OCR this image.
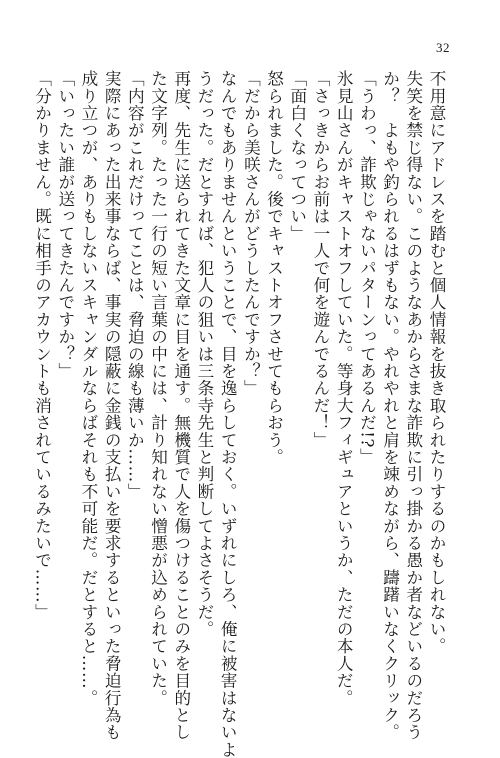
32
不用意にアドレスを踏むと個人情報を抜き取られたりするのかもしれない。
失笑を禁じ得ない。このようなあからさまな詐欺に引っ掛かる愚か者などいるのだろう
か？　よもや釣られるはずもない。やれやれと肩を竦めながら、躊躇いなくクリック。
「うわっ、詐欺じゃないパターンってあるんだ!?」
氷見山さんがキャストオフしていた。等身大フィギュアというか、ただの本人だ。
「さっきからお前は一人で何を遊んでるんだ！」
「面白くなってつい」
怒られました。後でキャストオフさせてもらおう。
「だから美咲さんがどうしたんですか？」
なんでもありませんということで、目を逸らしておく。いずれにしろ、俺に被害はないよ
うだった。だとすれば、犯人の狙いは三条寺先生と判断してよさそうだ。
再度、先生に送られてきた文章に目を通す。無機質で人を傷つけることのみを目的とし
た文字列。たった一行の短い言葉の中には、計り知れない憎悪が込められていた。
「内容がこれだけってことは、脅迫の線も薄いか……」
実際にあった出来事ならば、事実の隠蔽に金銭の支払いを要求するといった脅迫行為も
成り立つが、ありもしないスキャンダルならばそれも不可能だ。だとすると……。
「いったい誰が送ってきたんですか？」
「分かりません。既に相手のアカウントも消されているみたいで……」
